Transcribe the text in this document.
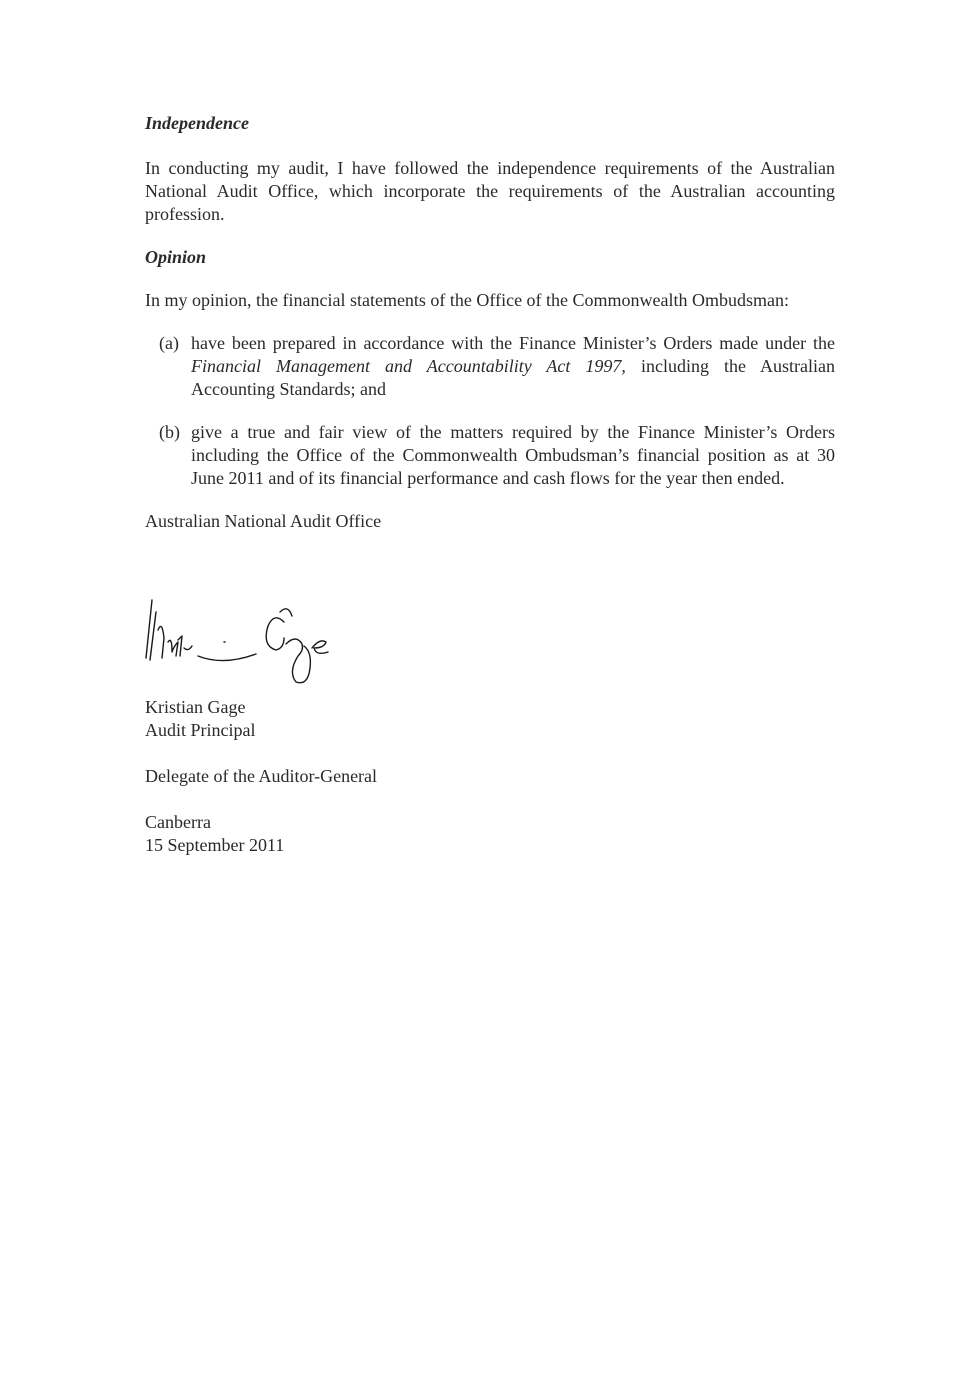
Independence

In conducting my audit, I have followed the independence requirements of the Australian National Audit Office, which incorporate the requirements of the Australian accounting profession.

Opinion

In my opinion, the financial statements of the Office of the Commonwealth Ombudsman:

(a) have been prepared in accordance with the Finance Minister’s Orders made under the Financial Management and Accountability Act 1997, including the Australian Accounting Standards; and
(b) give a true and fair view of the matters required by the Finance Minister’s Orders including the Office of the Commonwealth Ombudsman’s financial position as at 30 June 2011 and of its financial performance and cash flows for the year then ended.

Australian National Audit Office

Kristian Gage

Audit Principal

Delegate of the Auditor-General

Canberra

15 September 2011
